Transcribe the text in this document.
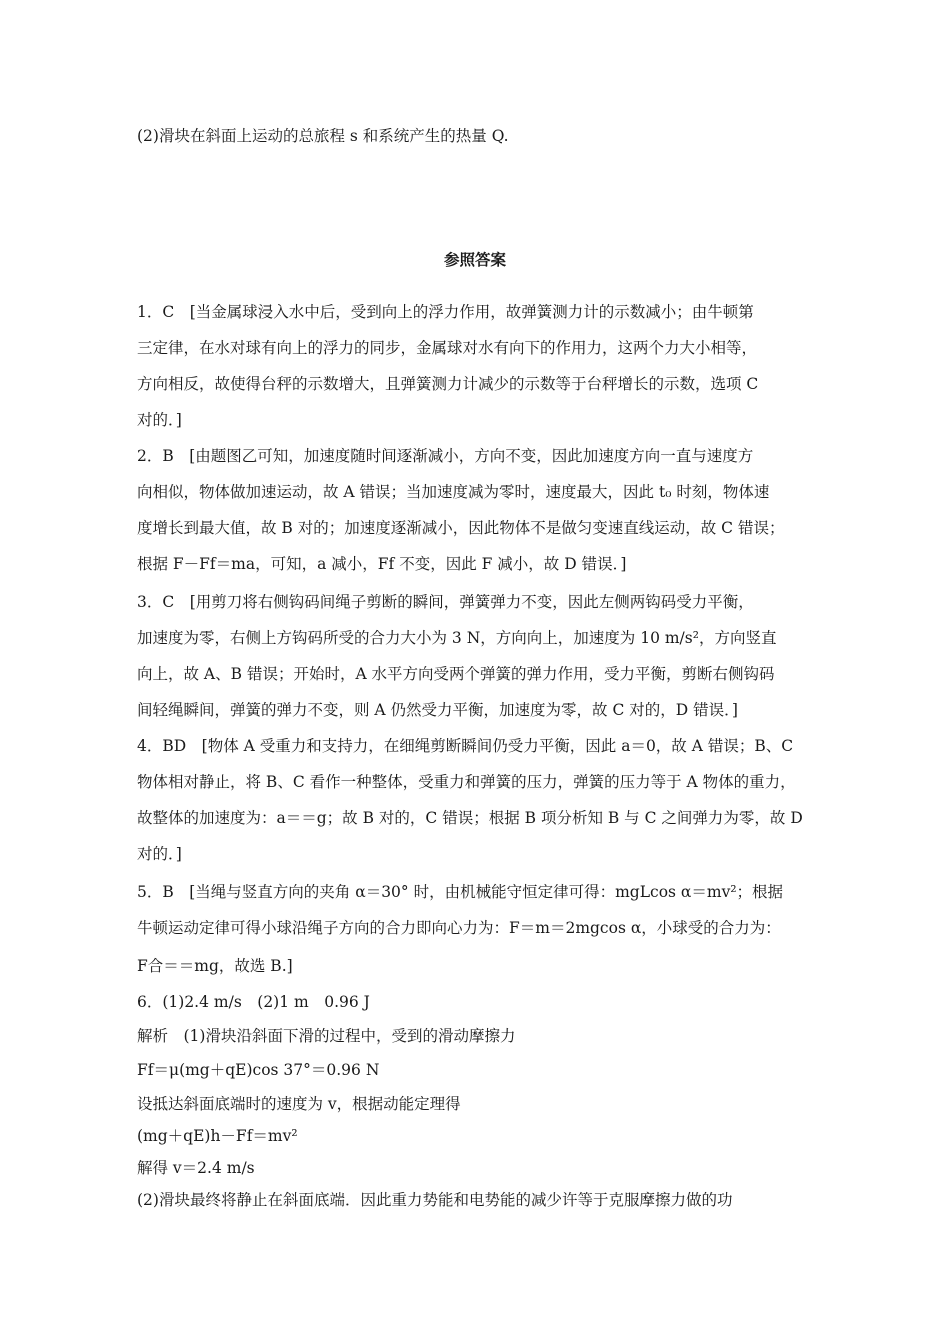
(2)滑块在斜面上运动的总旅程 s 和系统产生的热量 Q.
参照答案
1．C　[当金属球浸入水中后，受到向上的浮力作用，故弹簧测力计的示数减小；由牛顿第
三定律，在水对球有向上的浮力的同步，金属球对水有向下的作用力，这两个力大小相等，
方向相反，故使得台秤的示数增大，且弹簧测力计减少的示数等于台秤增长的示数，选项 C
对的．]
2．B　[由题图乙可知，加速度随时间逐渐减小，方向不变，因此加速度方向一直与速度方
向相似，物体做加速运动，故 A 错误；当加速度减为零时，速度最大，因此 t₀ 时刻，物体速
度增长到最大值，故 B 对的；加速度逐渐减小，因此物体不是做匀变速直线运动，故 C 错误；
根据 F－Ff＝ma，可知，a 减小，Ff 不变，因此 F 减小，故 D 错误．]
3．C　[用剪刀将右侧钩码间绳子剪断的瞬间，弹簧弹力不变，因此左侧两钩码受力平衡，
加速度为零，右侧上方钩码所受的合力大小为 3 N，方向向上，加速度为 10 m/s²，方向竖直
向上，故 A、B 错误；开始时，A 水平方向受两个弹簧的弹力作用，受力平衡，剪断右侧钩码
间轻绳瞬间，弹簧的弹力不变，则 A 仍然受力平衡，加速度为零，故 C 对的，D 错误．]
4．BD　[物体 A 受重力和支持力，在细绳剪断瞬间仍受力平衡，因此 a＝0，故 A 错误；B、C
物体相对静止，将 B、C 看作一种整体，受重力和弹簧的压力，弹簧的压力等于 A 物体的重力，
故整体的加速度为：a＝＝g；故 B 对的，C 错误；根据 B 项分析知 B 与 C 之间弹力为零，故 D
对的．]
5．B　[当绳与竖直方向的夹角 α＝30° 时，由机械能守恒定律可得：mgLcos α＝mv²；根据
牛顿运动定律可得小球沿绳子方向的合力即向心力为：F＝m＝2mgcos α，小球受的合力为：
F合＝＝mg，故选 B.]
6．(1)2.4 m/s　(2)1 m　0.96 J
解析　(1)滑块沿斜面下滑的过程中，受到的滑动摩擦力
Ff＝μ(mg＋qE)cos 37°＝0.96 N
设抵达斜面底端时的速度为 v，根据动能定理得
(mg＋qE)h－Ff＝mv²
解得 v＝2.4 m/s
(2)滑块最终将静止在斜面底端．因此重力势能和电势能的减少许等于克服摩擦力做的功
